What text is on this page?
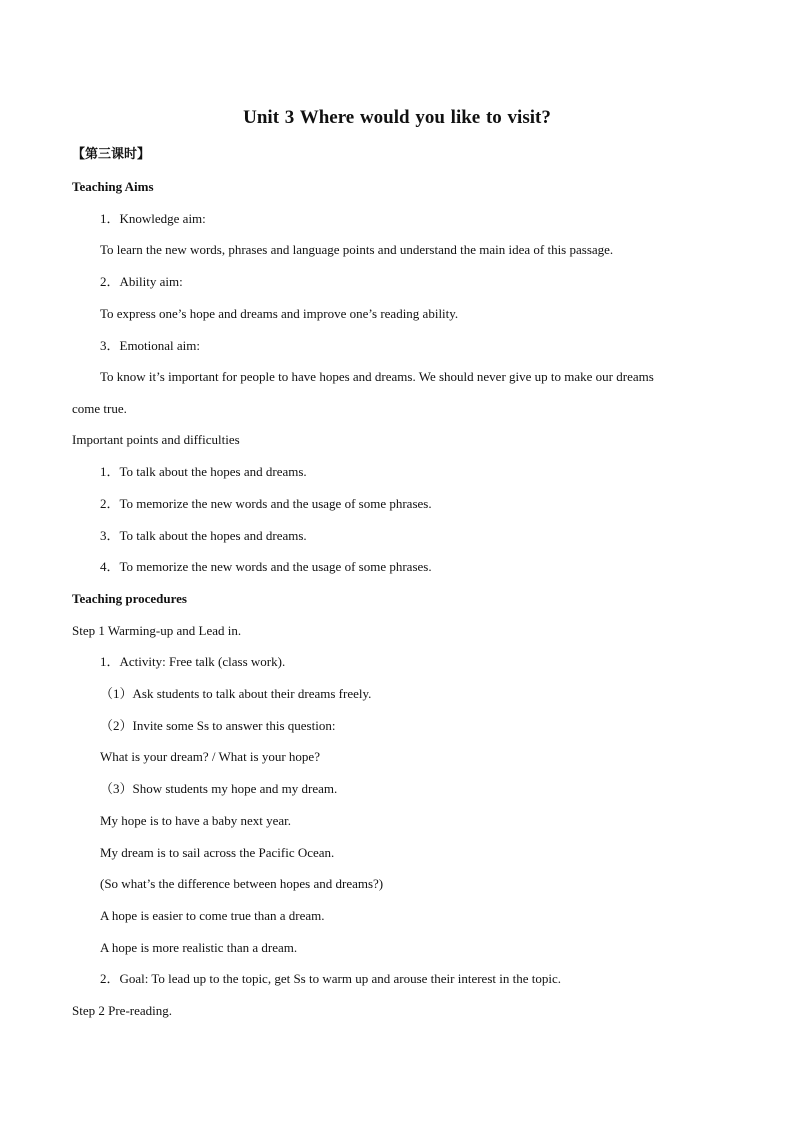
Unit 3 Where would you like to visit?
【第三课时】
Teaching Aims
1．Knowledge aim:
To learn the new words, phrases and language points and understand the main idea of this passage.
2．Ability aim:
To express one’s hope and dreams and improve one’s reading ability.
3．Emotional aim:
To know it’s important for people to have hopes and dreams. We should never give up to make our dreams
come true.
Important points and difficulties
1．To talk about the hopes and dreams.
2．To memorize the new words and the usage of some phrases.
3．To talk about the hopes and dreams.
4．To memorize the new words and the usage of some phrases.
Teaching procedures
Step 1 Warming-up and Lead in.
1．Activity: Free talk (class work).
（1）Ask students to talk about their dreams freely.
（2）Invite some Ss to answer this question:
What is your dream? / What is your hope?
（3）Show students my hope and my dream.
My hope is to have a baby next year.
My dream is to sail across the Pacific Ocean.
(So what’s the difference between hopes and dreams?)
A hope is easier to come true than a dream.
A hope is more realistic than a dream.
2．Goal: To lead up to the topic, get Ss to warm up and arouse their interest in the topic.
Step 2 Pre-reading.
